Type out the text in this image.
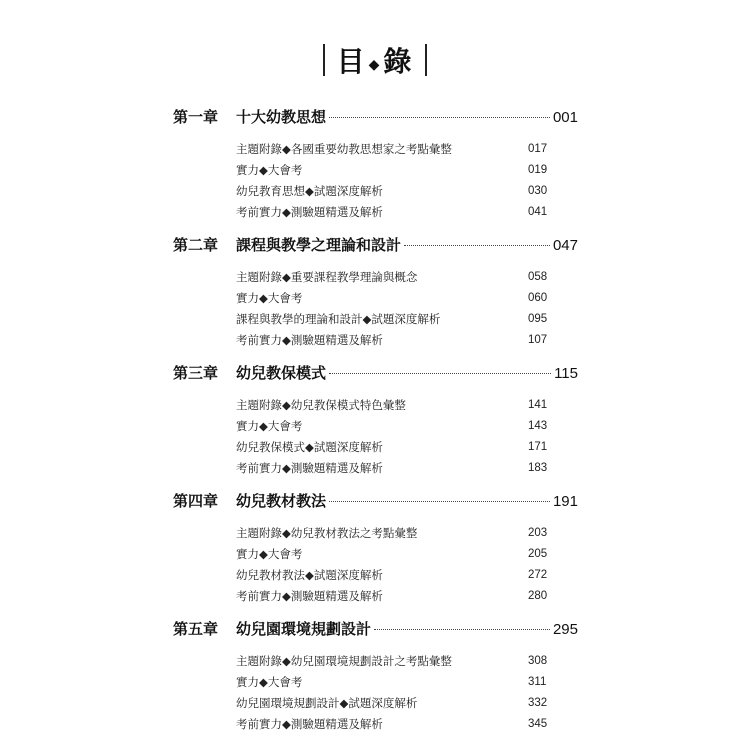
目 ◆錄
第一章	十大幼教思想	001
主題附錄◆各國重要幼教思想家之考點彙整	017
實力◆大會考	019
幼兒教育思想◆試題深度解析	030
考前實力◆測驗題精選及解析	041
第二章	課程與教學之理論和設計	047
主題附錄◆重要課程教學理論與概念	058
實力◆大會考	060
課程與教學的理論和設計◆試題深度解析	095
考前實力◆測驗題精選及解析	107
第三章	幼兒教保模式	115
主題附錄◆幼兒教保模式特色彙整	141
實力◆大會考	143
幼兒教保模式◆試題深度解析	171
考前實力◆測驗題精選及解析	183
第四章	幼兒教材教法	191
主題附錄◆幼兒教材教法之考點彙整	203
實力◆大會考	205
幼兒教材教法◆試題深度解析	272
考前實力◆測驗題精選及解析	280
第五章	幼兒園環境規劃設計	295
主題附錄◆幼兒園環境規劃設計之考點彙整	308
實力◆大會考	311
幼兒園環境規劃設計◆試題深度解析	332
考前實力◆測驗題精選及解析	345
